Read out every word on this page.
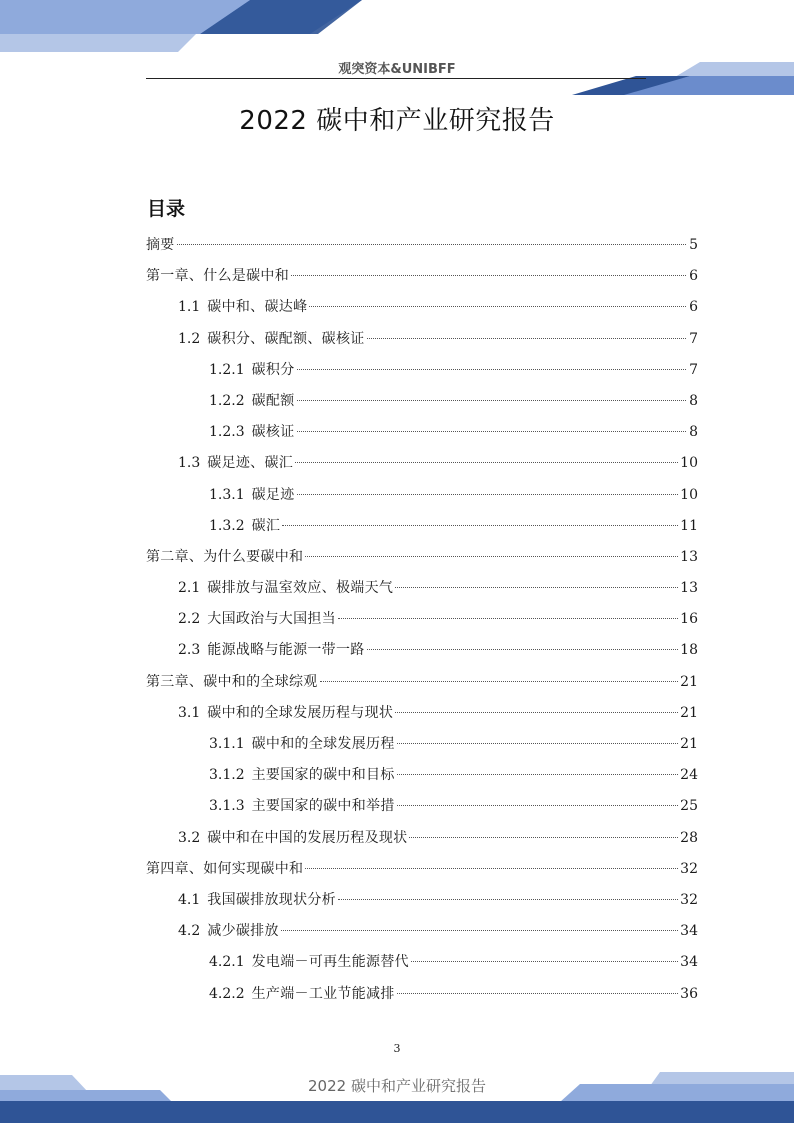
观突资本&UNIBFF
2022 碳中和产业研究报告
目录
摘要	5
第一章、什么是碳中和	6
1.1 碳中和、碳达峰	6
1.2 碳积分、碳配额、碳核证	7
1.2.1 碳积分	7
1.2.2 碳配额	8
1.2.3 碳核证	8
1.3 碳足迹、碳汇	10
1.3.1 碳足迹	10
1.3.2 碳汇	11
第二章、为什么要碳中和	13
2.1 碳排放与温室效应、极端天气	13
2.2 大国政治与大国担当	16
2.3 能源战略与能源一带一路	18
第三章、碳中和的全球综观	21
3.1 碳中和的全球发展历程与现状	21
3.1.1 碳中和的全球发展历程	21
3.1.2 主要国家的碳中和目标	24
3.1.3 主要国家的碳中和举措	25
3.2 碳中和在中国的发展历程及现状	28
第四章、如何实现碳中和	32
4.1 我国碳排放现状分析	32
4.2 减少碳排放	34
4.2.1 发电端－可再生能源替代	34
4.2.2 生产端－工业节能减排	36
3
2022 碳中和产业研究报告
